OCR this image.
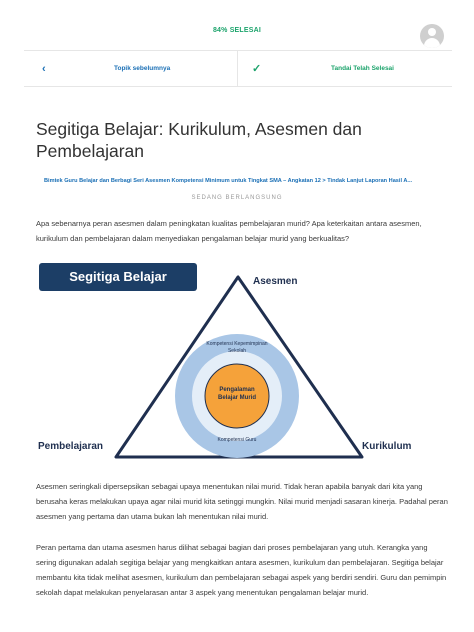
84% SELESAI
‹	Topik sebelumnya	✓	Tandai Telah Selesai
Segitiga Belajar: Kurikulum, Asesmen dan Pembelajaran
Bimtek Guru Belajar dan Berbagi Seri Asesmen Kompetensi Minimum untuk Tingkat SMA – Angkatan 12 > Tindak Lanjut Laporan Hasil A...
SEDANG BERLANGSUNG

Apa sebenarnya peran asesmen dalam peningkatan kualitas pembelajaran murid? Apa keterkaitan antara asesmen, kurikulum dan pembelajaran dalam menyediakan pengalaman belajar murid yang berkualitas?

Segitiga Belajar	Asesmen
Pembelajaran	Kurikulum
Kompetensi Kepemimpinan Sekolah
Kompetensi Guru
Pengalaman Belajar Murid

Asesmen seringkali dipersepsikan sebagai upaya menentukan nilai murid. Tidak heran apabila banyak dari kita yang berusaha keras melakukan upaya agar nilai murid kita setinggi mungkin. Nilai murid menjadi sasaran kinerja. Padahal peran asesmen yang pertama dan utama bukan lah menentukan nilai murid.

Peran pertama dan utama asesmen harus dilihat sebagai bagian dari proses pembelajaran yang utuh. Kerangka yang sering digunakan adalah segitiga belajar yang mengkaitkan antara asesmen, kurikulum dan pembelajaran. Segitiga belajar membantu kita tidak melihat asesmen, kurikulum dan pembelajaran sebagai aspek yang berdiri sendiri. Guru dan pemimpin sekolah dapat melakukan penyelarasan antar 3 aspek yang menentukan pengalaman belajar murid.
